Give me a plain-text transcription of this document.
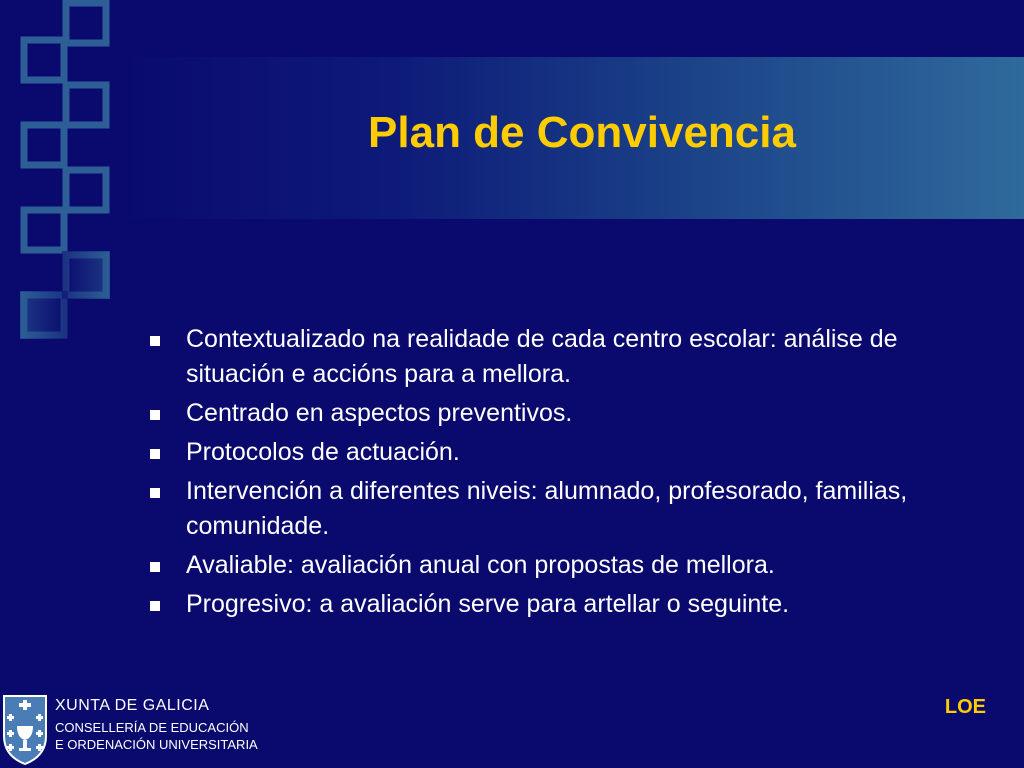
Plan de Convivencia
Contextualizado na realidade de cada centro escolar: análise de situación e accións para a mellora.
Centrado en aspectos preventivos.
Protocolos de actuación.
Intervención a diferentes niveis: alumnado, profesorado, familias, comunidade.
Avaliable: avaliación anual con propostas de mellora.
Progresivo: a avaliación serve para artellar o seguinte.
XUNTA DE GALICIA
CONSELLERÍA DE EDUCACIÓN
E ORDENACIÓN UNIVERSITARIA
LOE
